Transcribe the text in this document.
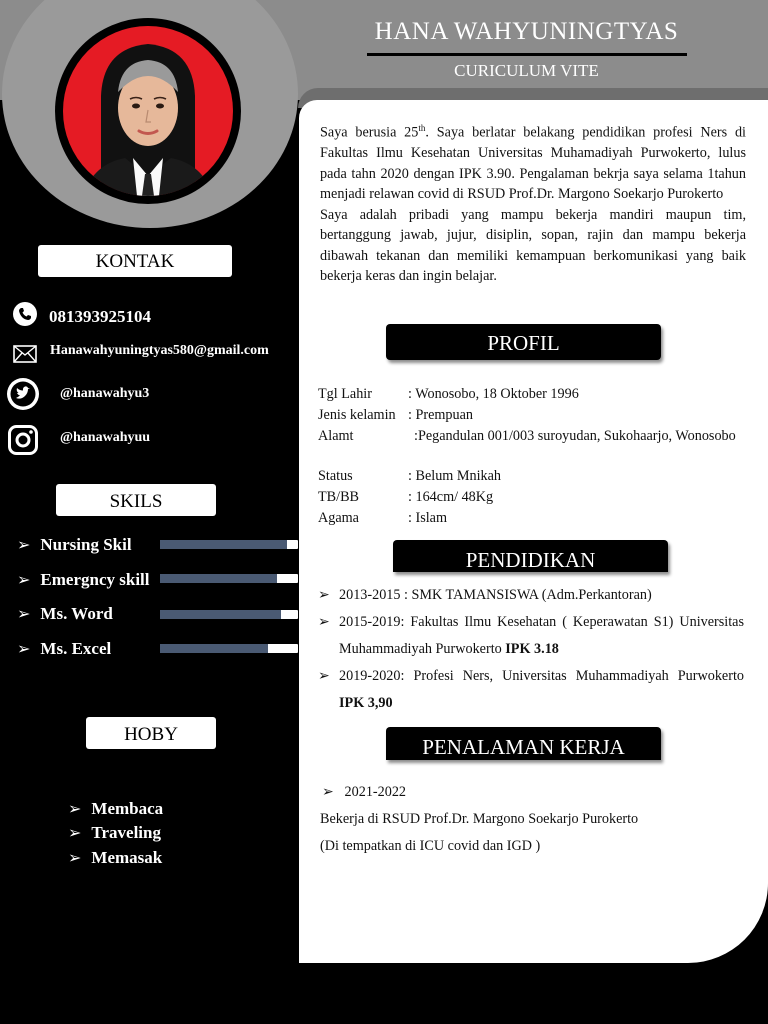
HANA WAHYUNINGTYAS
CURICULUM VITE
Saya berusia 25th. Saya berlatar belakang pendidikan profesi Ners di Fakultas Ilmu Kesehatan Universitas Muhamadiyah Purwokerto, lulus pada tahn 2020 dengan IPK 3.90. Pengalaman bekrja saya selama 1tahun menjadi relawan covid di RSUD Prof.Dr. Margono Soekarjo Purokerto
Saya adalah pribadi yang mampu bekerja mandiri maupun tim, bertanggung jawab, jujur, disiplin, sopan, rajin dan mampu bekerja dibawah tekanan dan memiliki kemampuan berkomunikasi yang baik bekerja keras dan ingin belajar.
PROFIL
Tgl Lahir	: Wonosobo, 18 Oktober 1996
Jenis kelamin : Prempuan
Alamt	:Pegandulan 001/003 suroyudan, Sukohaarjo, Wonosobo
Status	: Belum Mnikah
TB/BB	: 164cm/ 48Kg
Agama	: Islam
PENDIDIKAN
➢ 2013-2015 : SMK TAMANSISWA (Adm.Perkantoran)
➢ 2015-2019: Fakultas Ilmu Kesehatan ( Keperawatan S1) Universitas Muhammadiyah Purwokerto IPK 3.18
➢ 2019-2020: Profesi Ners, Universitas Muhammadiyah Purwokerto IPK 3,90
PENALAMAN KERJA
➢ 2021-2022
Bekerja di RSUD Prof.Dr. Margono Soekarjo Purokerto
(Di tempatkan di ICU covid dan IGD )
KONTAK
081393925104
Hanawahyuningtyas580@gmail.com
@hanawahyu3
@hanawahyuu
SKILS
➢ Nursing Skil
➢ Emergncy skill
➢ Ms. Word
➢ Ms. Excel
HOBY
➢ Membaca
➢ Traveling
➢ Memasak
